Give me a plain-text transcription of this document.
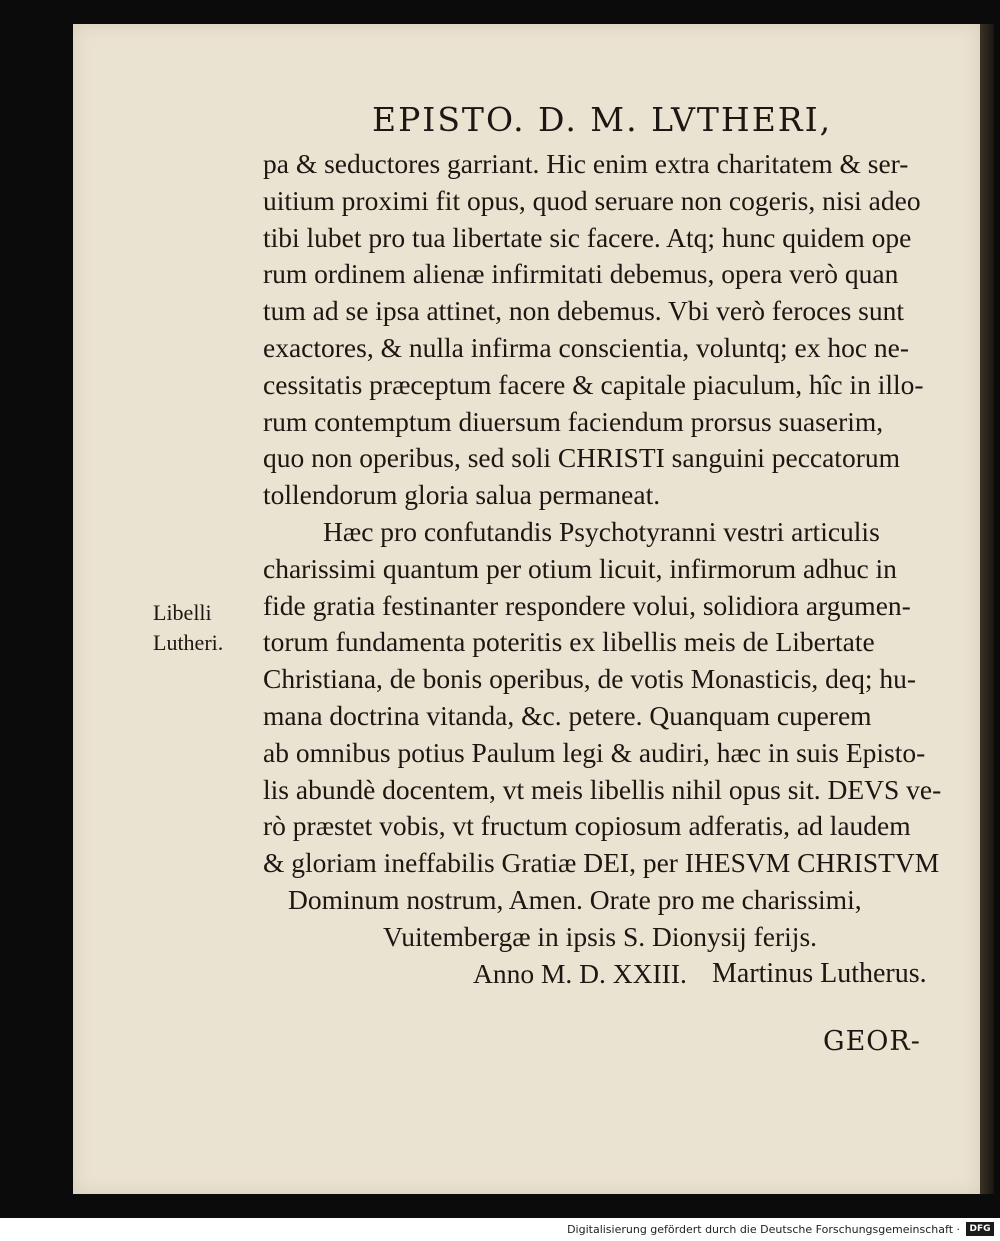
EPISTO. D. M. LVTHERI,
pa & seductores garriant. Hic enim extra charitatem & ser-
uitium proximi fit opus, quod seruare non cogeris, nisi adeo
tibi lubet pro tua libertate sic facere. Atq; hunc quidem ope
rum ordinem alienæ infirmitati debemus, opera verò quan
tum ad se ipsa attinet, non debemus. Vbi verò feroces sunt
exactores, & nulla infirma conscientia, voluntq; ex hoc ne-
cessitatis præceptum facere & capitale piaculum, hîc in illo-
rum contemptum diuersum faciendum prorsus suaserim,
quo non operibus, sed soli CHRISTI sanguini peccatorum
tollendorum gloria salua permaneat.
Hæc pro confutandis Psychotyranni vestri articulis
charissimi quantum per otium licuit, infirmorum adhuc in
fide gratia festinanter respondere volui, solidiora argumen-
torum fundamenta poteritis ex libellis meis de Libertate
Christiana, de bonis operibus, de votis Monasticis, deq; hu-
mana doctrina vitanda, &c. petere. Quanquam cuperem
ab omnibus potius Paulum legi & audiri, hæc in suis Episto-
lis abundè docentem, vt meis libellis nihil opus sit. DEVS ve-
rò præstet vobis, vt fructum copiosum adferatis, ad laudem
& gloriam ineffabilis Gratiæ DEI, per IHESVM CHRISTVM
Dominum nostrum, Amen. Orate pro me charissimi,
Vuitembergæ in ipsis S. Dionysij ferijs.
Anno M. D. XXIII.
Libelli
Lutheri.
Martinus Lutherus.
GEOR-
Digitalisierung gefördert durch die Deutsche Forschungsgemeinschaft ·	DFG
